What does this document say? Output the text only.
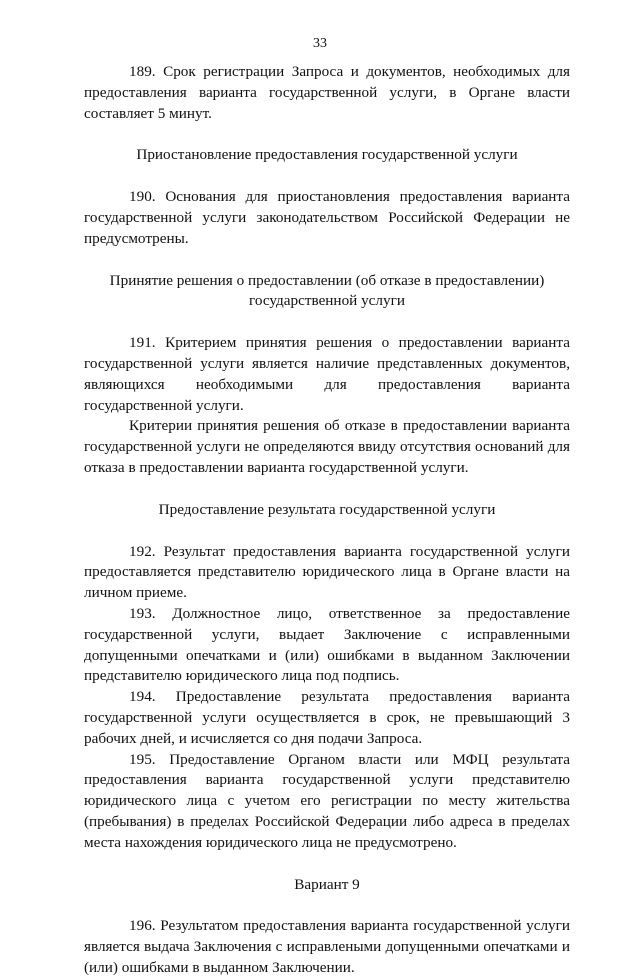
33

189. Срок регистрации Запроса и документов, необходимых для предоставления варианта государственной услуги, в Органе власти составляет 5 минут.

Приостановление предоставления государственной услуги

190. Основания для приостановления предоставления варианта государственной услуги законодательством Российской Федерации не предусмотрены.

Принятие решения о предоставлении (об отказе в предоставлении)
государственной услуги

191. Критерием принятия решения о предоставлении варианта государственной услуги является наличие представленных документов, являющихся необходимыми для предоставления варианта государственной услуги.

Критерии принятия решения об отказе в предоставлении варианта государственной услуги не определяются ввиду отсутствия оснований для отказа в предоставлении варианта государственной услуги.

Предоставление результата государственной услуги

192. Результат предоставления варианта государственной услуги предоставляется представителю юридического лица в Органе власти на личном приеме.

193. Должностное лицо, ответственное за предоставление государственной услуги, выдает Заключение с исправленными допущенными опечатками и (или) ошибками в выданном Заключении представителю юридического лица под подпись.

194. Предоставление результата предоставления варианта государственной услуги осуществляется в срок, не превышающий 3 рабочих дней, и исчисляется со дня подачи Запроса.

195. Предоставление Органом власти или МФЦ результата предоставления варианта государственной услуги представителю юридического лица с учетом его регистрации по месту жительства (пребывания) в пределах Российской Федерации либо адреса в пределах места нахождения юридического лица не предусмотрено.

Вариант 9

196. Результатом предоставления варианта государственной услуги является выдача Заключения с исправлеными допущенными опечатками и (или) ошибками в выданном Заключении.
